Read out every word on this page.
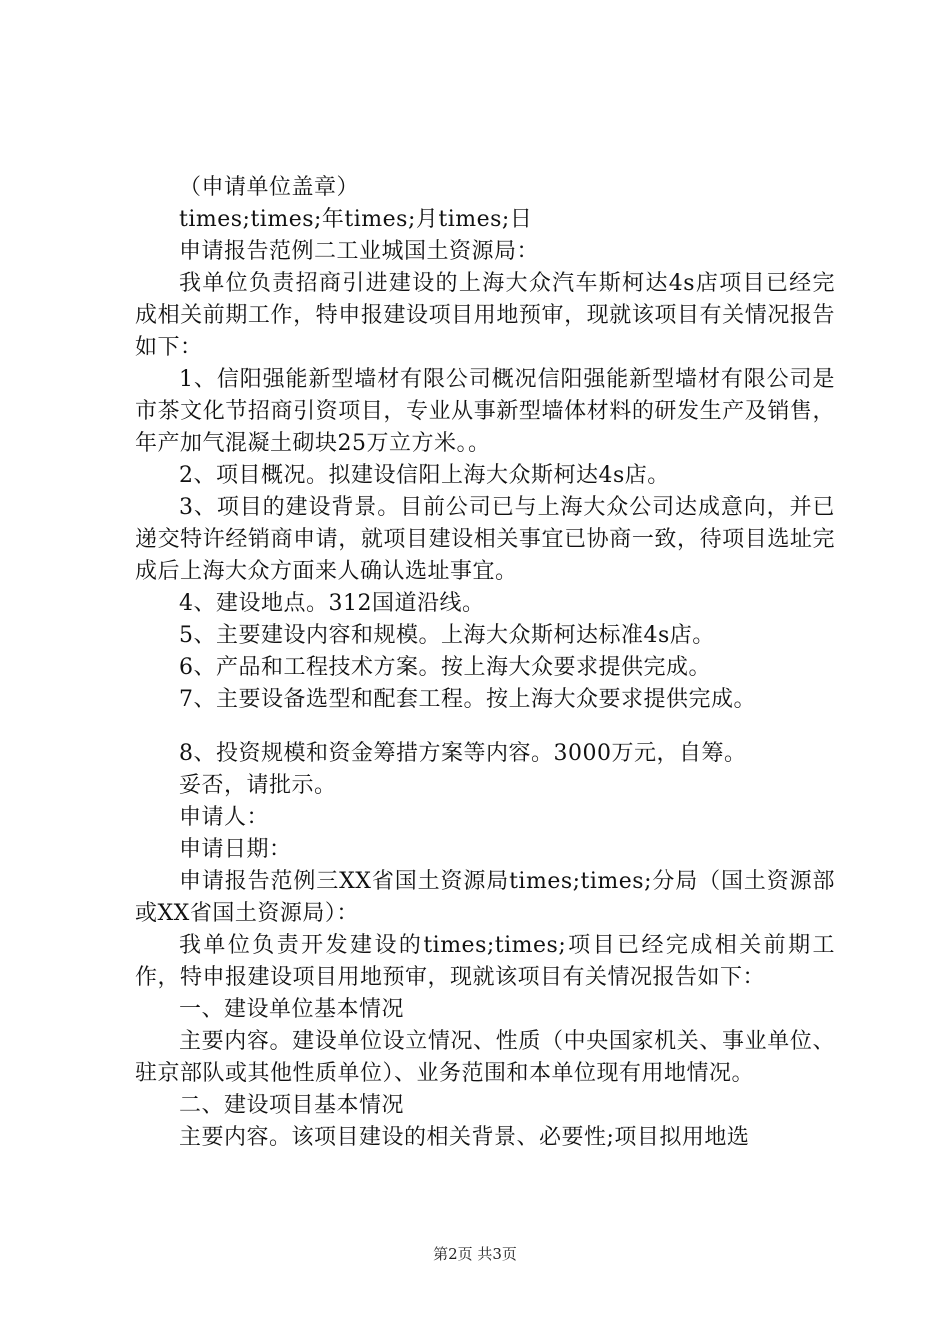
（申请单位盖章）

times;times;年times;月times;日

申请报告范例二工业城国土资源局：

我单位负责招商引进建设的上海大众汽车斯柯达4s店项目已经完成相关前期工作，特申报建设项目用地预审，现就该项目有关情况报告如下：

1、信阳强能新型墙材有限公司概况信阳强能新型墙材有限公司是市茶文化节招商引资项目，专业从事新型墙体材料的研发生产及销售，年产加气混凝土砌块25万立方米。。

2、项目概况。拟建设信阳上海大众斯柯达4s店。

3、项目的建设背景。目前公司已与上海大众公司达成意向，并已递交特许经销商申请，就项目建设相关事宜已协商一致，待项目选址完成后上海大众方面来人确认选址事宜。

4、建设地点。312国道沿线。

5、主要建设内容和规模。上海大众斯柯达标准4s店。

6、产品和工程技术方案。按上海大众要求提供完成。

7、主要设备选型和配套工程。按上海大众要求提供完成。

8、投资规模和资金筹措方案等内容。3000万元，自筹。

妥否，请批示。

申请人：

申请日期：

申请报告范例三XX省国土资源局times;times;分局（国土资源部或XX省国土资源局）：

我单位负责开发建设的times;times;项目已经完成相关前期工作，特申报建设项目用地预审，现就该项目有关情况报告如下：

一、建设单位基本情况

主要内容。建设单位设立情况、性质（中央国家机关、事业单位、驻京部队或其他性质单位）、业务范围和本单位现有用地情况。

二、建设项目基本情况

主要内容。该项目建设的相关背景、必要性;项目拟用地选

第2页 共3页
